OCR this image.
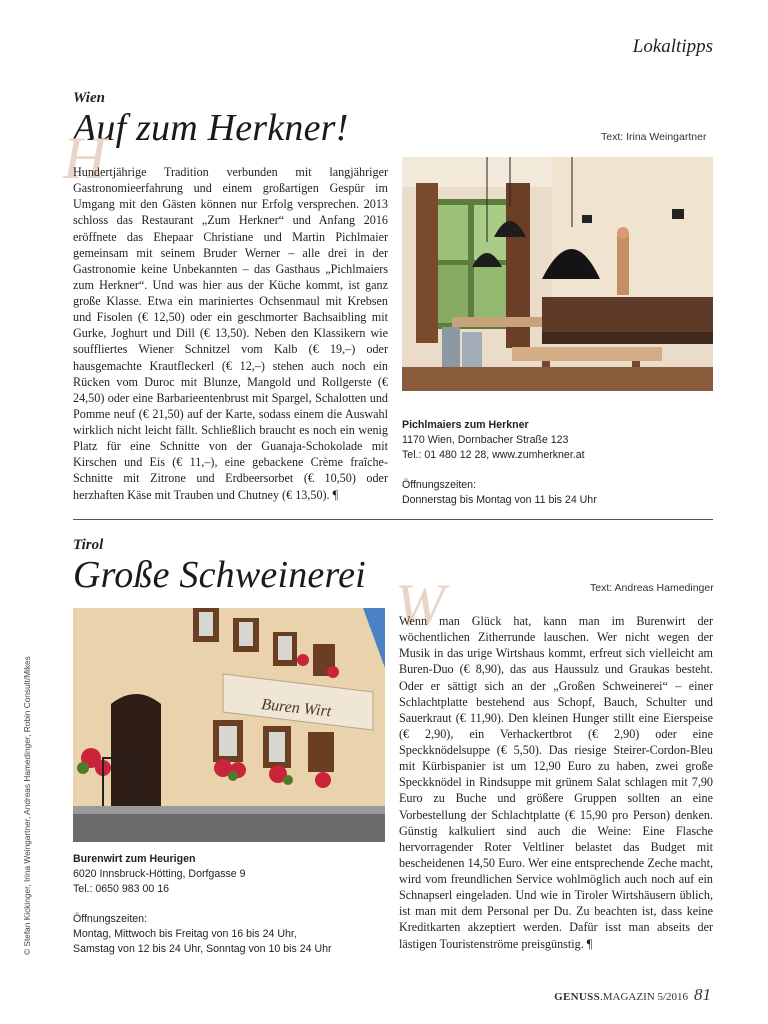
Lokaltipps
Wien
Auf zum Herkner!	Text: Irina Weingartner
H
Hundertjährige Tradition verbunden mit langjähriger Gastronomieerfahrung und einem großartigen Gespür im Umgang mit den Gästen können nur Erfolg versprechen. 2013 schloss das Restaurant „Zum Herkner“ und Anfang 2016 eröffnete das Ehepaar Christiane und Martin Pichlmaier gemeinsam mit seinem Bruder Werner – alle drei in der Gastronomie keine Unbekannten – das Gasthaus „Pichlmaiers zum Herkner“. Und was hier aus der Küche kommt, ist ganz große Klasse. Etwa ein mariniertes Ochsenmaul mit Krebsen und Fisolen (€ 12,50) oder ein geschmorter Bachsaibling mit Gurke, Joghurt und Dill (€ 13,50). Neben den Klassikern wie souffliertes Wiener Schnitzel vom Kalb (€ 19,–) oder hausgemachte Krautfleckerl (€ 12,–) stehen auch noch ein Rücken vom Duroc mit Blunze, Mangold und Rollgerste (€ 24,50) oder eine Barbarieentenbrust mit Spargel, Schalotten und Pomme neuf (€ 21,50) auf der Karte, sodass einem die Auswahl wirklich nicht leicht fällt. Schließlich braucht es noch ein wenig Platz für eine Schnitte von der Guanaja-Schokolade mit Kirschen und Eis (€ 11,–), eine gebackene Crème fraîche-Schnitte mit Zitrone und Erdbeersorbet (€ 10,50) oder herzhaften Käse mit Trauben und Chutney (€ 13,50). ¶
Pichlmaiers zum Herkner
1170 Wien, Dornbacher Straße 123
Tel.: 01 480 12 28, www.zumherkner.at
Öffnungszeiten:
Donnerstag bis Montag von 11 bis 24 Uhr
Tirol
Große Schweinerei	Text: Andreas Hamedinger
Buren Wirt
Burenwirt zum Heurigen
6020 Innsbruck-Hötting, Dorfgasse 9
Tel.: 0650 983 00 16
Öffnungszeiten:
Montag, Mittwoch bis Freitag von 16 bis 24 Uhr,
Samstag von 12 bis 24 Uhr, Sonntag von 10 bis 24 Uhr
W
Wenn man Glück hat, kann man im Burenwirt der wöchentlichen Zitherrunde lauschen. Wer nicht wegen der Musik in das urige Wirtshaus kommt, erfreut sich vielleicht am Buren-Duo (€ 8,90), das aus Haussulz und Graukas besteht. Oder er sättigt sich an der „Großen Schweinerei“ – einer Schlachtplatte bestehend aus Schopf, Bauch, Schulter und Sauerkraut (€ 11,90). Den kleinen Hunger stillt eine Eierspeise (€ 2,90), ein Verhackertbrot (€ 2,90) oder eine Speckknödelsuppe (€ 5,50). Das riesige Steirer-Cordon-Bleu mit Kürbispanier ist um 12,90 Euro zu haben, zwei große Speckknödel in Rindsuppe mit grünem Salat schlagen mit 7,90 Euro zu Buche und größere Gruppen sollten an eine Vorbestellung der Schlachtplatte (€ 15,90 pro Person) denken. Günstig kalkuliert sind auch die Weine: Eine Flasche hervorragender Roter Veltliner belastet das Budget mit bescheidenen 14,50 Euro. Wer eine entsprechende Zeche macht, wird vom freundlichen Service wohlmöglich auch noch auf ein Schnapserl eingeladen. Und wie in Tiroler Wirtshäusern üblich, ist man mit dem Personal per Du. Zu beachten ist, dass keine Kreditkarten akzeptiert werden. Dafür isst man abseits der lästigen Touristenströme preisgünstig. ¶
© Stefan Kickinger, Irina Weingartner, Andreas Hamedinger, Robin Consult/Mikes
GENUSS.MAGAZIN 5/2016 81
